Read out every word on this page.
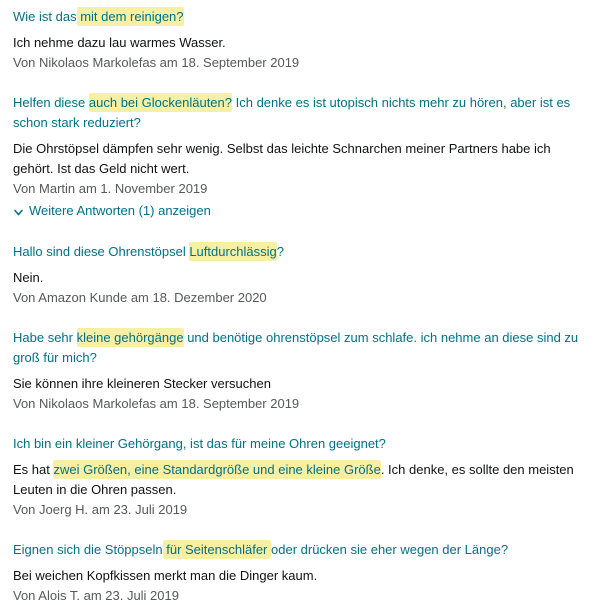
Wie ist das mit dem reinigen?
Ich nehme dazu lau warmes Wasser.
Von Nikolaos Markolefas am 18. September 2019
Helfen diese auch bei Glockenläuten? Ich denke es ist utopisch nichts mehr zu hören, aber ist es schon stark reduziert?
Die Ohrstöpsel dämpfen sehr wenig. Selbst das leichte Schnarchen meiner Partners habe ich gehört. Ist das Geld nicht wert.
Von Martin am 1. November 2019
Weitere Antworten (1) anzeigen
Hallo sind diese Ohrenstöpsel Luftdurchlässig?
Nein.
Von Amazon Kunde am 18. Dezember 2020
Habe sehr kleine gehörgänge und benötige ohrenstöpsel zum schlafe. ich nehme an diese sind zu groß für mich?
Sie können ihre kleineren Stecker versuchen
Von Nikolaos Markolefas am 18. September 2019
Ich bin ein kleiner Gehörgang, ist das für meine Ohren geeignet?
Es hat zwei Größen, eine Standardgröße und eine kleine Größe. Ich denke, es sollte den meisten Leuten in die Ohren passen.
Von Joerg H. am 23. Juli 2019
Eignen sich die Stöppseln für Seitenschläfer oder drücken sie eher wegen der Länge?
Bei weichen Kopfkissen merkt man die Dinger kaum.
Von Alois T. am 23. Juli 2019
